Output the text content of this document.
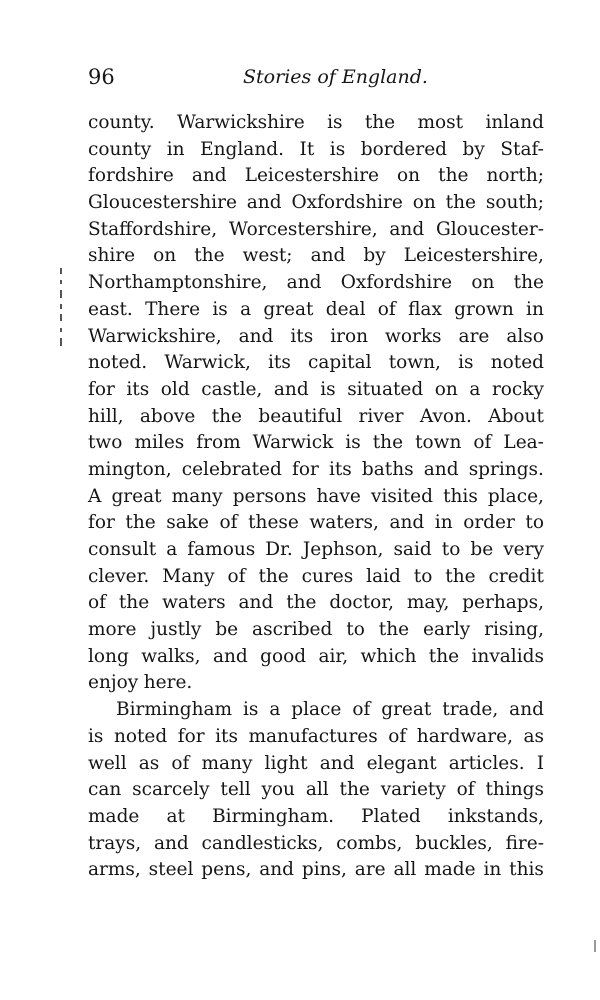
96	Stories of England.
county. Warwickshire is the most inland
county in England. It is bordered by Staf-
fordshire and Leicestershire on the north;
Gloucestershire and Oxfordshire on the south;
Staffordshire, Worcestershire, and Gloucester-
shire on the west; and by Leicestershire,
Northamptonshire, and Oxfordshire on the
east. There is a great deal of flax grown in
Warwickshire, and its iron works are also
noted. Warwick, its capital town, is noted
for its old castle, and is situated on a rocky
hill, above the beautiful river Avon. About
two miles from Warwick is the town of Lea-
mington, celebrated for its baths and springs.
A great many persons have visited this place,
for the sake of these waters, and in order to
consult a famous Dr. Jephson, said to be very
clever. Many of the cures laid to the credit
of the waters and the doctor, may, perhaps,
more justly be ascribed to the early rising,
long walks, and good air, which the invalids
enjoy here.
Birmingham is a place of great trade, and
is noted for its manufactures of hardware, as
well as of many light and elegant articles. I
can scarcely tell you all the variety of things
made at Birmingham. Plated inkstands,
trays, and candlesticks, combs, buckles, fire-
arms, steel pens, and pins, are all made in this
